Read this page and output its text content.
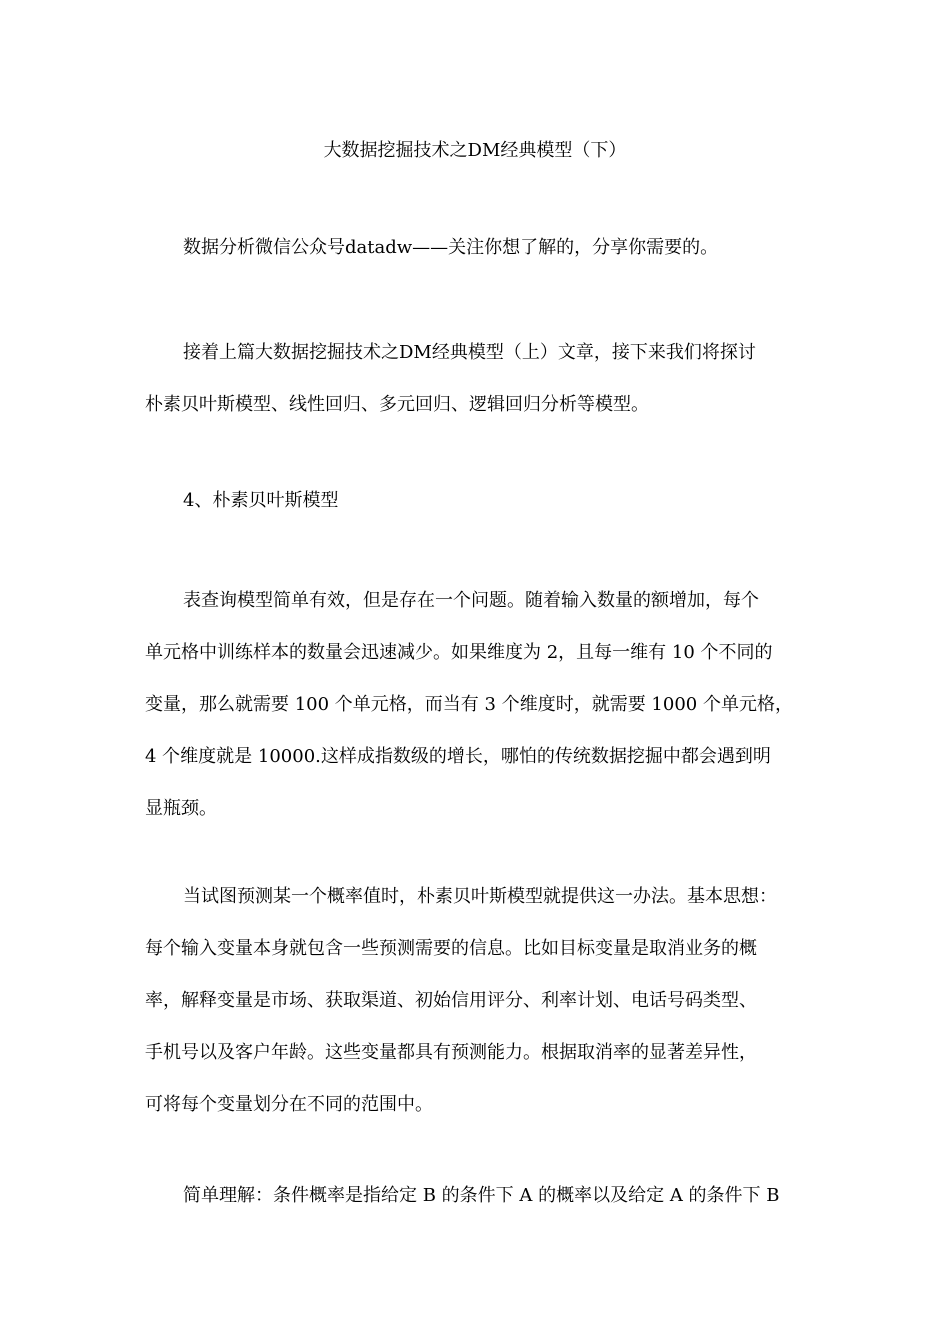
大数据挖掘技术之DM经典模型（下）
数据分析微信公众号datadw——关注你想了解的，分享你需要的。
接着上篇大数据挖掘技术之DM经典模型（上）文章，接下来我们将探讨
朴素贝叶斯模型、线性回归、多元回归、逻辑回归分析等模型。
4、朴素贝叶斯模型
表查询模型简单有效，但是存在一个问题。随着输入数量的额增加，每个
单元格中训练样本的数量会迅速减少。如果维度为 2，且每一维有 10 个不同的
变量，那么就需要 100 个单元格，而当有 3 个维度时，就需要 1000 个单元格，
4 个维度就是 10000.这样成指数级的增长，哪怕的传统数据挖掘中都会遇到明
显瓶颈。
当试图预测某一个概率值时，朴素贝叶斯模型就提供这一办法。基本思想：
每个输入变量本身就包含一些预测需要的信息。比如目标变量是取消业务的概
率，解释变量是市场、获取渠道、初始信用评分、利率计划、电话号码类型、
手机号以及客户年龄。这些变量都具有预测能力。根据取消率的显著差异性，
可将每个变量划分在不同的范围中。
简单理解：条件概率是指给定 B 的条件下 A 的概率以及给定 A 的条件下 B
